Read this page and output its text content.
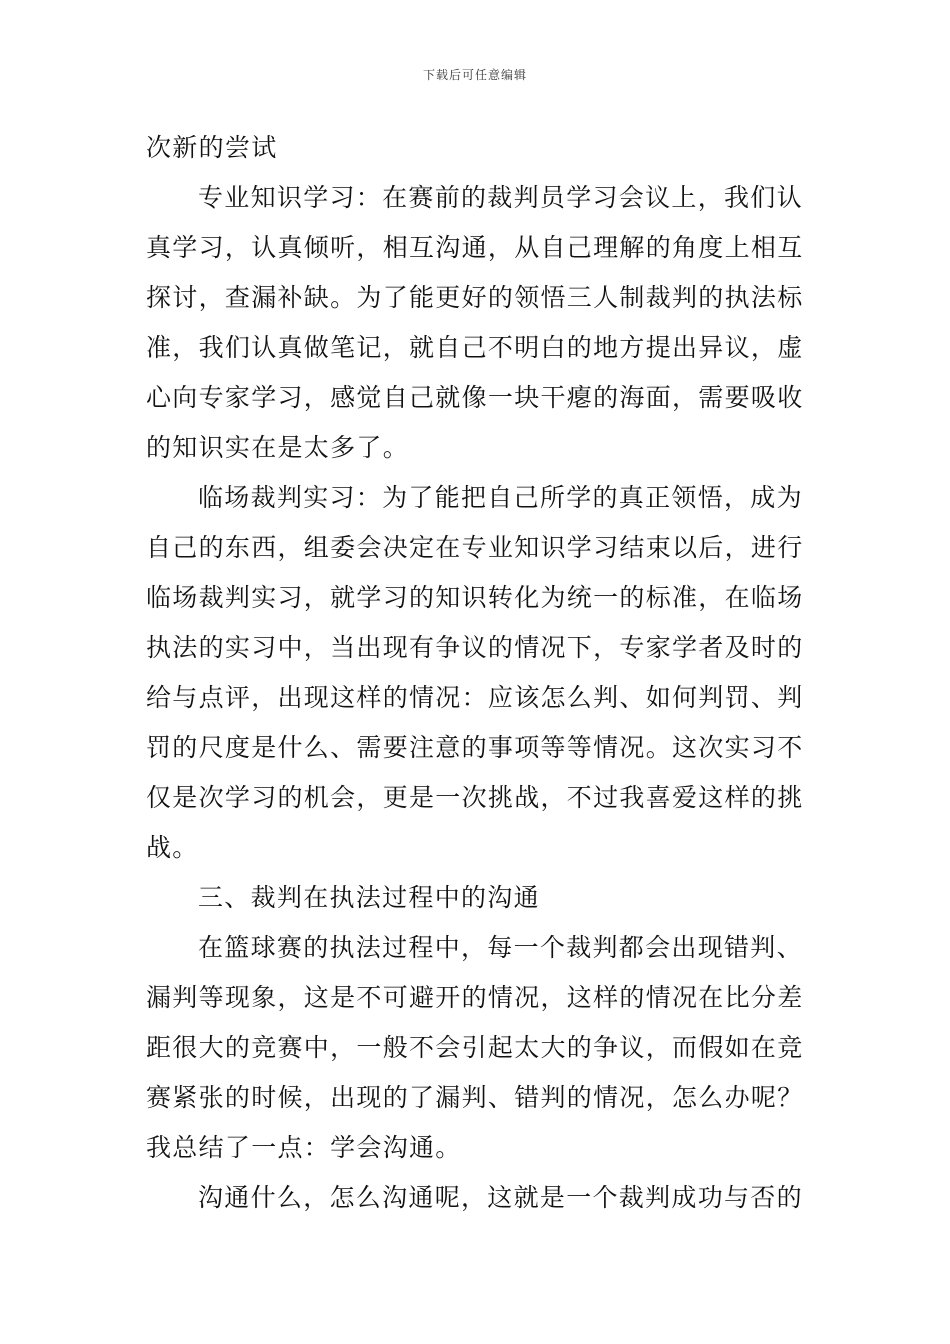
下载后可任意编辑
次新的尝试
专业知识学习：在赛前的裁判员学习会议上，我们认
真学习，认真倾听，相互沟通，从自己理解的角度上相互
探讨，查漏补缺。为了能更好的领悟三人制裁判的执法标
准，我们认真做笔记，就自己不明白的地方提出异议，虚
心向专家学习，感觉自己就像一块干瘪的海面，需要吸收
的知识实在是太多了。
临场裁判实习：为了能把自己所学的真正领悟，成为
自己的东西，组委会决定在专业知识学习结束以后，进行
临场裁判实习，就学习的知识转化为统一的标准，在临场
执法的实习中，当出现有争议的情况下，专家学者及时的
给与点评，出现这样的情况：应该怎么判、如何判罚、判
罚的尺度是什么、需要注意的事项等等情况。这次实习不
仅是次学习的机会，更是一次挑战，不过我喜爱这样的挑
战。
三、裁判在执法过程中的沟通
在篮球赛的执法过程中，每一个裁判都会出现错判、
漏判等现象，这是不可避开的情况，这样的情况在比分差
距很大的竞赛中，一般不会引起太大的争议，而假如在竞
赛紧张的时候，出现的了漏判、错判的情况，怎么办呢？
我总结了一点：学会沟通。
沟通什么，怎么沟通呢，这就是一个裁判成功与否的
